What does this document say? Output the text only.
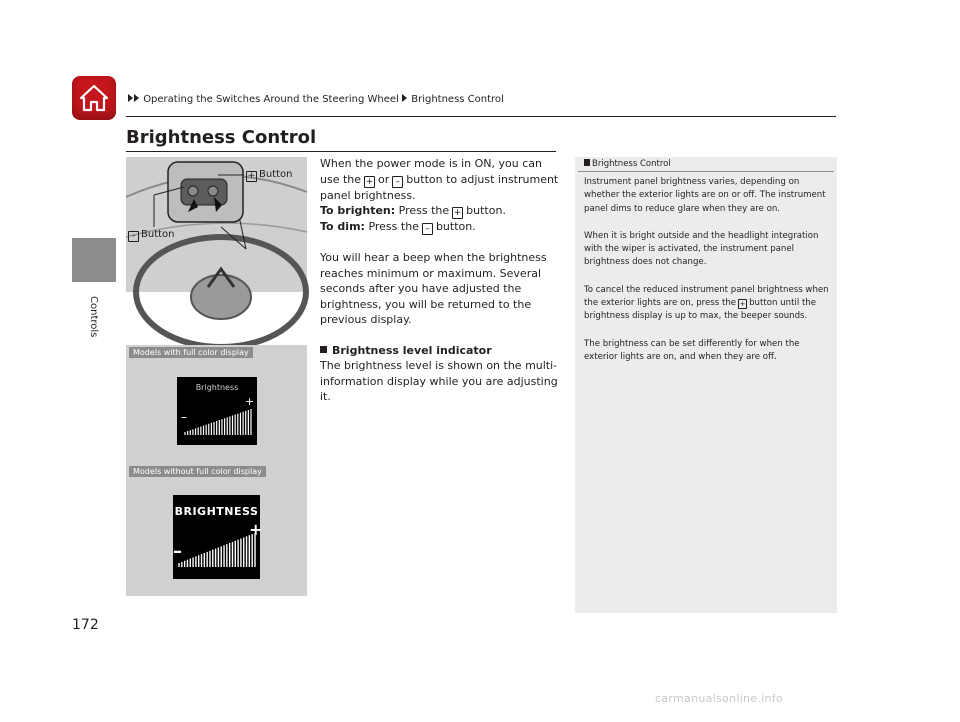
Operating the Switches Around the Steering Wheel Brightness Control
Controls
Brightness Control
+ Button
– Button

When the power mode is in ON, you can use the + or – button to adjust instrument panel brightness.

To brighten: Press the + button.

To dim: Press the – button.

You will hear a beep when the brightness reaches minimum or maximum. Several seconds after you have adjusted the brightness, you will be returned to the previous display.

Brightness level indicator

The brightness level is shown on the multi-information display while you are adjusting it.

Models with full color display
Models without full color display
+
–
Brightness
+
–
BRIGHTNESS
Brightness Control

Instrument panel brightness varies, depending on whether the exterior lights are on or off. The instrument panel dims to reduce glare when they are on.

When it is bright outside and the headlight integration with the wiper is activated, the instrument panel brightness does not change.

To cancel the reduced instrument panel brightness when the exterior lights are on, press the + button until the brightness display is up to max, the beeper sounds.

The brightness can be set differently for when the exterior lights are on, and when they are off.

172
carmanualsonline.info
